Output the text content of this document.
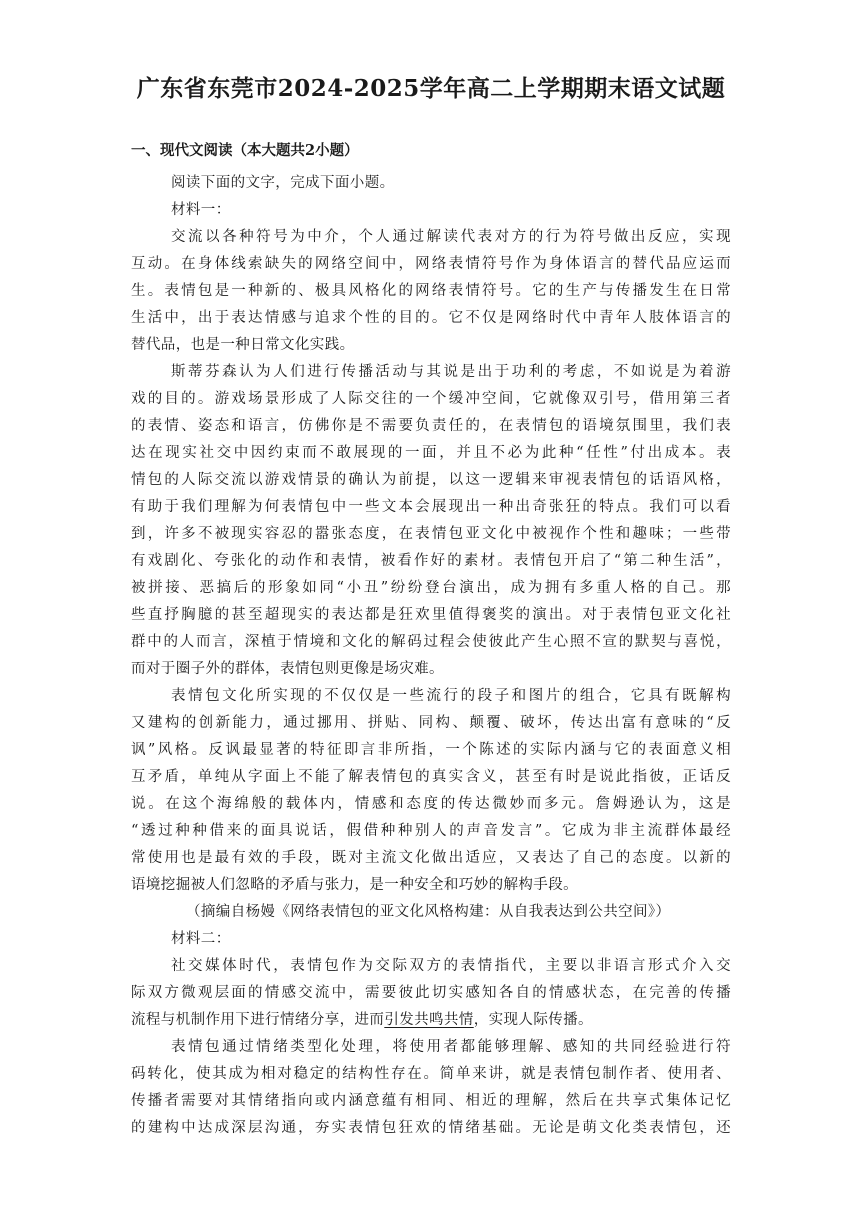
广东省东莞市2024-2025学年高二上学期期末语文试题
一、现代文阅读（本大题共2小题）
阅读下面的文字，完成下面小题。
材料一：
交流以各种符号为中介，个人通过解读代表对方的行为符号做出反应，实现
互动。在身体线索缺失的网络空间中，网络表情符号作为身体语言的替代品应运而
生。表情包是一种新的、极具风格化的网络表情符号。它的生产与传播发生在日常
生活中，出于表达情感与追求个性的目的。它不仅是网络时代中青年人肢体语言的
替代品，也是一种日常文化实践。
斯蒂芬森认为人们进行传播活动与其说是出于功利的考虑，不如说是为着游
戏的目的。游戏场景形成了人际交往的一个缓冲空间，它就像双引号，借用第三者
的表情、姿态和语言，仿佛你是不需要负责任的，在表情包的语境氛围里，我们表
达在现实社交中因约束而不敢展现的一面，并且不必为此种“任性”付出成本。表
情包的人际交流以游戏情景的确认为前提，以这一逻辑来审视表情包的话语风格，
有助于我们理解为何表情包中一些文本会展现出一种出奇张狂的特点。我们可以看
到，许多不被现实容忍的嚣张态度，在表情包亚文化中被视作个性和趣味；一些带
有戏剧化、夸张化的动作和表情，被看作好的素材。表情包开启了“第二种生活”，
被拼接、恶搞后的形象如同“小丑”纷纷登台演出，成为拥有多重人格的自己。那
些直抒胸臆的甚至超现实的表达都是狂欢里值得褒奖的演出。对于表情包亚文化社
群中的人而言，深植于情境和文化的解码过程会使彼此产生心照不宣的默契与喜悦，
而对于圈子外的群体，表情包则更像是场灾难。
表情包文化所实现的不仅仅是一些流行的段子和图片的组合，它具有既解构
又建构的创新能力，通过挪用、拼贴、同构、颠覆、破坏，传达出富有意味的“反
讽”风格。反讽最显著的特征即言非所指，一个陈述的实际内涵与它的表面意义相
互矛盾，单纯从字面上不能了解表情包的真实含义，甚至有时是说此指彼，正话反
说。在这个海绵般的载体内，情感和态度的传达微妙而多元。詹姆逊认为，这是
“透过种种借来的面具说话，假借种种别人的声音发言”。它成为非主流群体最经
常使用也是最有效的手段，既对主流文化做出适应，又表达了自己的态度。以新的
语境挖掘被人们忽略的矛盾与张力，是一种安全和巧妙的解构手段。
（摘编自杨嫚《网络表情包的亚文化风格构建：从自我表达到公共空间》）
材料二：
社交媒体时代，表情包作为交际双方的表情指代，主要以非语言形式介入交
际双方微观层面的情感交流中，需要彼此切实感知各自的情感状态，在完善的传播
流程与机制作用下进行情绪分享，进而引发共鸣共情，实现人际传播。
表情包通过情绪类型化处理，将使用者都能够理解、感知的共同经验进行符
码转化，使其成为相对稳定的结构性存在。简单来讲，就是表情包制作者、使用者、
传播者需要对其情绪指向或内涵意蕴有相同、相近的理解，然后在共享式集体记忆
的建构中达成深层沟通，夯实表情包狂欢的情绪基础。无论是萌文化类表情包，还
